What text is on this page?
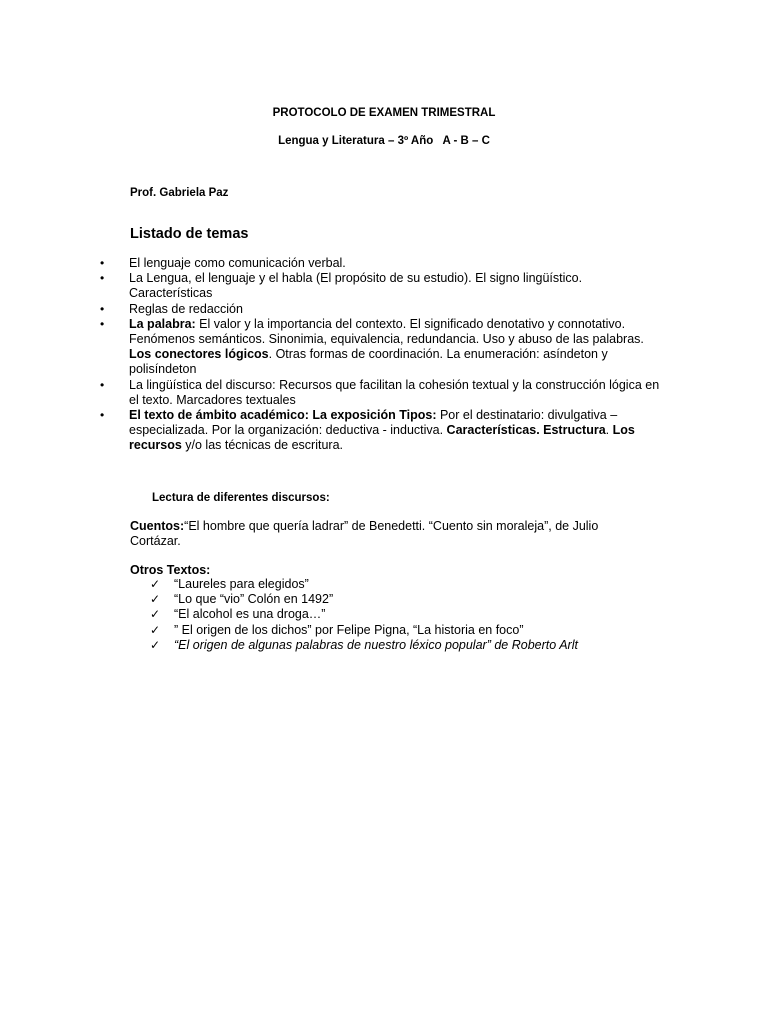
PROTOCOLO DE EXAMEN TRIMESTRAL
Lengua y Literatura – 3º Año   A - B – C
Prof. Gabriela Paz
Listado de temas
• El lenguaje como comunicación verbal.
• La Lengua, el lenguaje y el habla (El propósito de su estudio). El signo lingüístico. Características
• Reglas de redacción
• La palabra: El valor y la importancia del contexto. El significado denotativo y connotativo. Fenómenos semánticos. Sinonimia, equivalencia, redundancia. Uso y abuso de las palabras. Los conectores lógicos. Otras formas de coordinación. La enumeración: asíndeton y polisíndeton
• La lingüística del discurso: Recursos que facilitan la cohesión textual y la construcción lógica en el texto. Marcadores textuales
• El texto de ámbito académico: La exposición Tipos: Por el destinatario: divulgativa – especializada. Por la organización: deductiva - inductiva. Características. Estructura. Los recursos y/o las técnicas de escritura.
Lectura de diferentes discursos:
Cuentos:“El hombre que quería ladrar” de Benedetti. “Cuento sin moraleja”, de Julio Cortázar.
Otros Textos:
✓ “Laureles para elegidos”
✓ “Lo que “vio” Colón en 1492”
✓ “El alcohol es una droga…”
✓ ” El origen de los dichos” por Felipe Pigna, “La historia en foco”
✓ “El origen de algunas palabras de nuestro léxico popular” de Roberto Arlt
